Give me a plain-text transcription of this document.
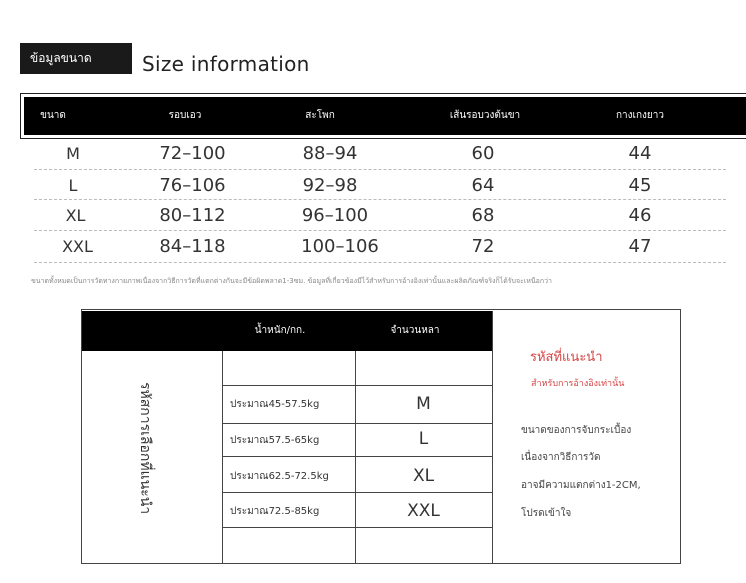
ข้อมูลขนาด	Size information
ขนาด	รอบเอว	สะโพก	เส้นรอบวงต้นขา	กางเกงยาว
M	72–100	88–94	60	44
L	76–106	92–98	64	45
XL	80–112	96–100	68	46
XXL	84–118	100–106	72	47
ขนาดทั้งหมดเป็นการวัดทางกายภาพเนื่องจากวิธีการวัดที่แตกต่างกันจะมีข้อผิดพลาด1-3ซม. ข้อมูลที่เกี่ยวข้องมีไว้สำหรับการอ้างอิงเท่านั้นและผลิตภัณฑ์จริงก็ได้รับจะเหนือกว่า
น้ำหนัก/กก.	จำนวนหลา
รหัสการเลือกที่แนะนำ	ประมาณ45-57.5kg	M
ประมาณ57.5-65kg	L
ประมาณ62.5-72.5kg	XL
ประมาณ72.5-85kg	XXL
รหัสที่แนะนำ
สำหรับการอ้างอิงเท่านั้น
ขนาดของการจับกระเบื้อง
เนื่องจากวิธีการวัด
อาจมีความแตกต่าง1-2CM,
โปรดเข้าใจ
